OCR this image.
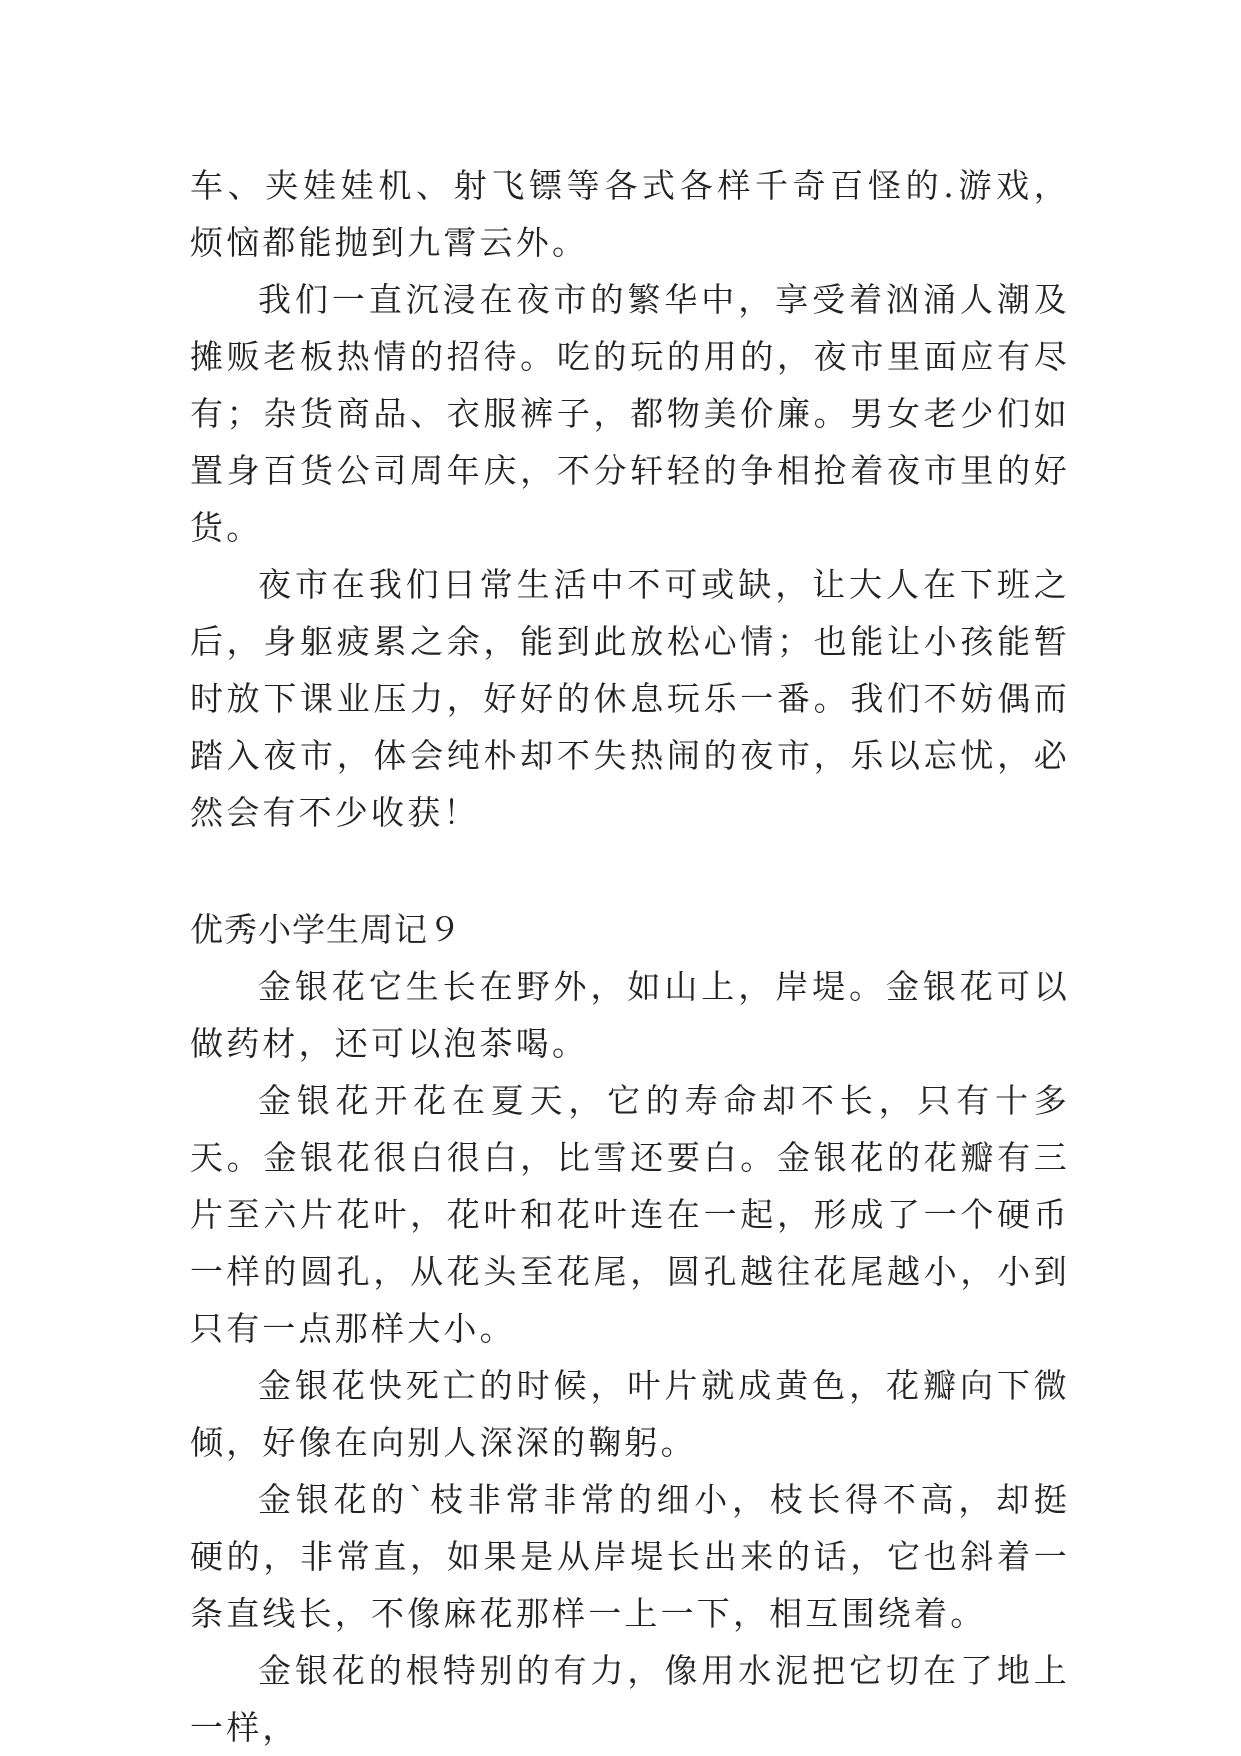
车、夹娃娃机、射飞镖等各式各样千奇百怪的.游戏，烦恼都能抛到九霄云外。

我们一直沉浸在夜市的繁华中，享受着汹涌人潮及摊贩老板热情的招待。吃的玩的用的，夜市里面应有尽有；杂货商品、衣服裤子，都物美价廉。男女老少们如置身百货公司周年庆，不分轩轻的争相抢着夜市里的好货。

夜市在我们日常生活中不可或缺，让大人在下班之后，身躯疲累之余，能到此放松心情；也能让小孩能暂时放下课业压力，好好的休息玩乐一番。我们不妨偶而踏入夜市，体会纯朴却不失热闹的夜市，乐以忘忧，必然会有不少收获！

优秀小学生周记９

金银花它生长在野外，如山上，岸堤。金银花可以做药材，还可以泡茶喝。

金银花开花在夏天，它的寿命却不长，只有十多天。金银花很白很白，比雪还要白。金银花的花瓣有三片至六片花叶，花叶和花叶连在一起，形成了一个硬币一样的圆孔，从花头至花尾，圆孔越往花尾越小，小到只有一点那样大小。

金银花快死亡的时候，叶片就成黄色，花瓣向下微倾，好像在向别人深深的鞠躬。

金银花的`枝非常非常的细小，枝长得不高，却挺硬的，非常直，如果是从岸堤长出来的话，它也斜着一条直线长，不像麻花那样一上一下，相互围绕着。

金银花的根特别的有力，像用水泥把它切在了地上一样，
